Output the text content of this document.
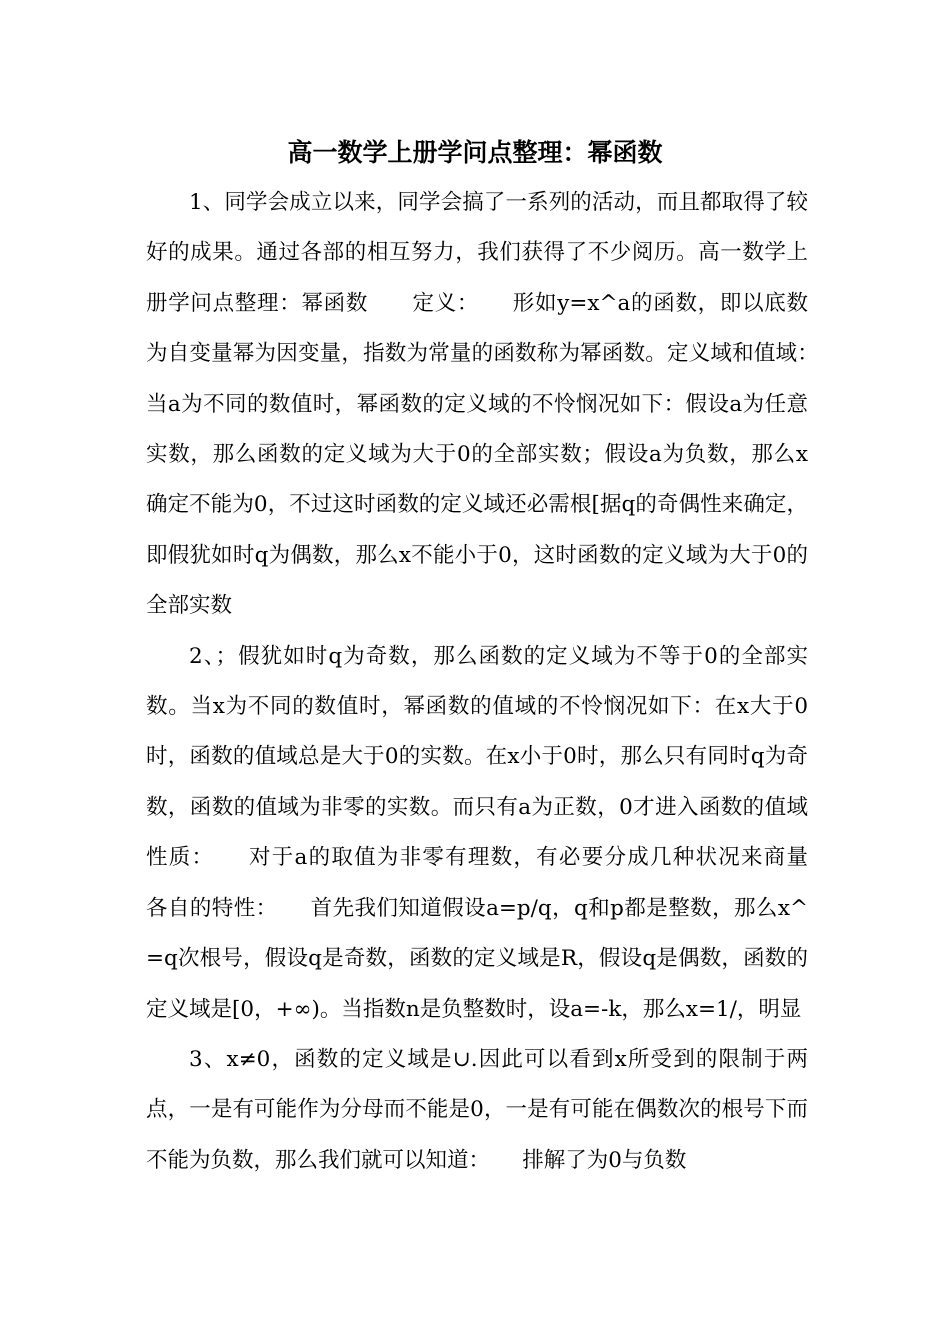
高一数学上册学问点整理：幂函数

1、同学会成立以来，同学会搞了一系列的活动，而且都取得了较好的成果。通过各部的相互努力，我们获得了不少阅历。高一数学上册学问点整理：幂函数　　定义：　　形如y=x^a的函数，即以底数为自变量幂为因变量，指数为常量的函数称为幂函数。定义域和值域：　　当a为不同的数值时，幂函数的定义域的不怜悯况如下：假设a为任意实数，那么函数的定义域为大于0的全部实数；假设a为负数，那么x确定不能为0，不过这时函数的定义域还必需根[据q的奇偶性来确定，即假犹如时q为偶数，那么x不能小于0，这时函数的定义域为大于0的全部实数

2、；假犹如时q为奇数，那么函数的定义域为不等于0的全部实数。当x为不同的数值时，幂函数的值域的不怜悯况如下：在x大于0时，函数的值域总是大于0的实数。在x小于0时，那么只有同时q为奇数，函数的值域为非零的实数。而只有a为正数，0才进入函数的值域　　性质：　　对于a的取值为非零有理数，有必要分成几种状况来商量　　各自的特性：　　首先我们知道假设a=p/q，q和p都是整数，那么x^=q次根号，假设q是奇数，函数的定义域是R，假设q是偶数，函数的定义域是[0，+∞)。当指数n是负整数时，设a=-k，那么x=1/，明显

3、x≠0，函数的定义域是∪.因此可以看到x所受到的限制于两点，一是有可能作为分母而不能是0，一是有可能在偶数次的根号下而不能为负数，那么我们就可以知道：　　排解了为0与负数
